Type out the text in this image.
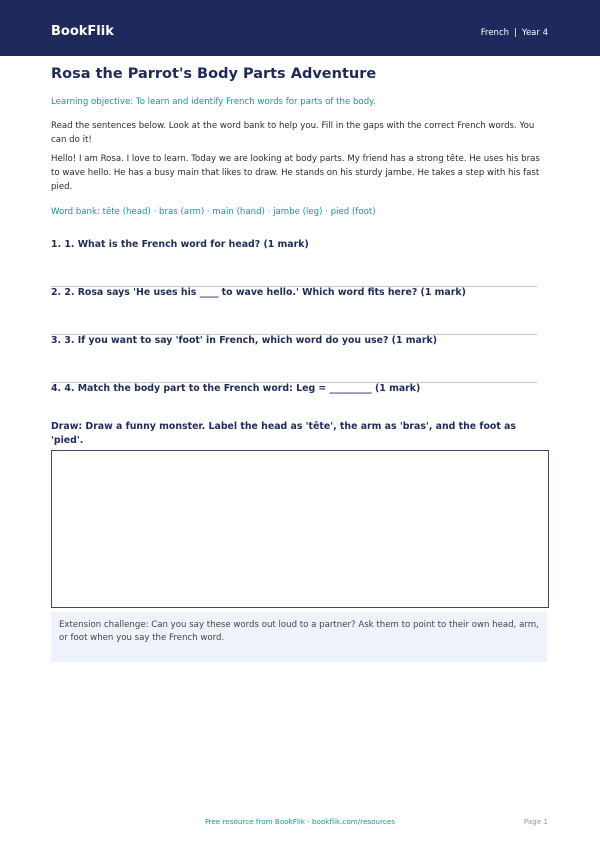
BookFlik	French | Year 4
Rosa the Parrot's Body Parts Adventure
Learning objective: To learn and identify French words for parts of the body.
Read the sentences below. Look at the word bank to help you. Fill in the gaps with the correct French words. You can do it!
Hello! I am Rosa. I love to learn. Today we are looking at body parts. My friend has a strong tête. He uses his bras to wave hello. He has a busy main that likes to draw. He stands on his sturdy jambe. He takes a step with his fast pied.
Word bank: tête (head) · bras (arm) · main (hand) · jambe (leg) · pied (foot)
1. 1. What is the French word for head? (1 mark)
2. 2. Rosa says 'He uses his ____ to wave hello.' Which word fits here? (1 mark)
3. 3. If you want to say 'foot' in French, which word do you use? (1 mark)
4. 4. Match the body part to the French word: Leg = _________ (1 mark)
Draw: Draw a funny monster. Label the head as 'tête', the arm as 'bras', and the foot as 'pied'.
Extension challenge: Can you say these words out loud to a partner? Ask them to point to their own head, arm, or foot when you say the French word.
Free resource from BookFlik · bookflik.com/resources	Page 1
